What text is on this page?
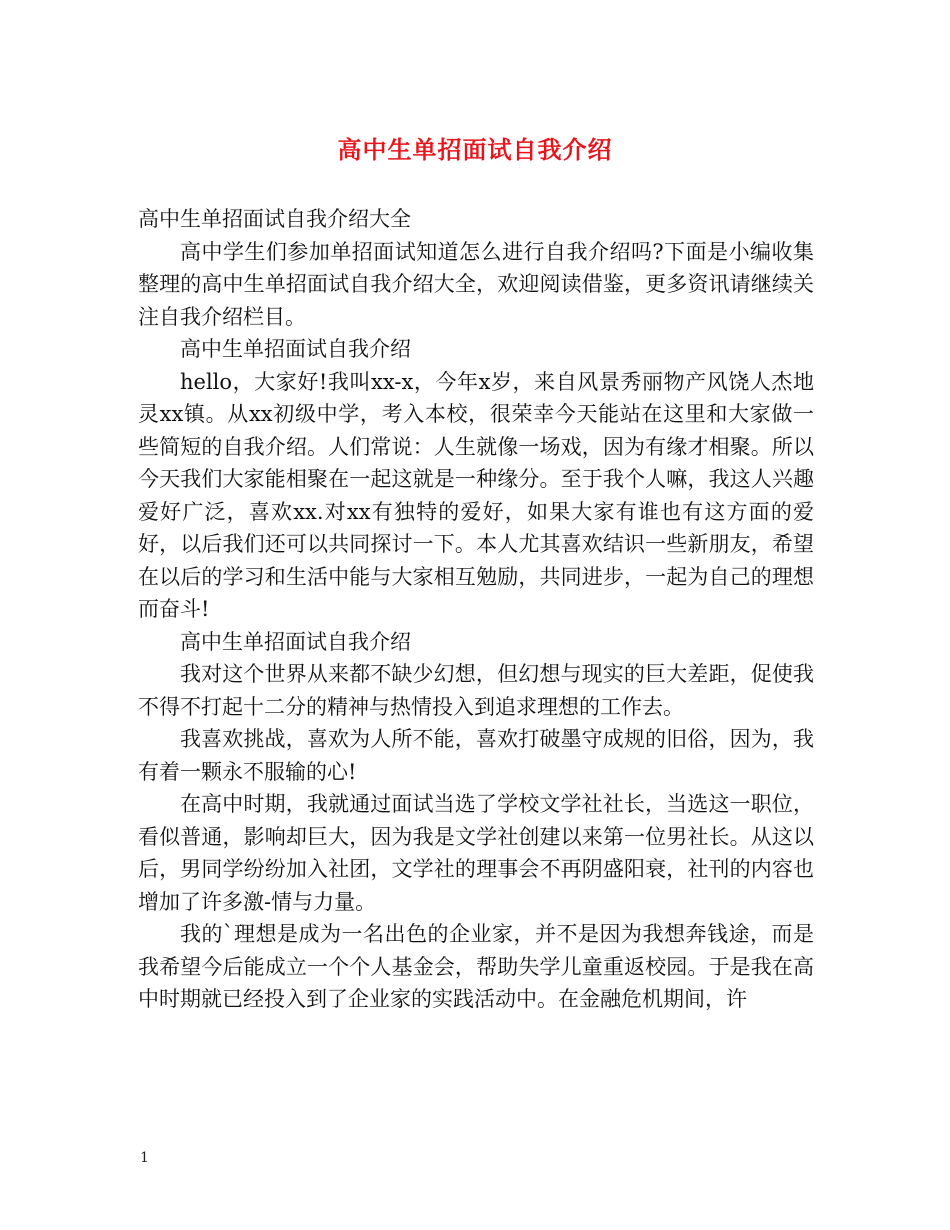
高中生单招面试自我介绍

高中生单招面试自我介绍大全

高中学生们参加单招面试知道怎么进行自我介绍吗?下面是小编收集整理的高中生单招面试自我介绍大全，欢迎阅读借鉴，更多资讯请继续关注自我介绍栏目。

高中生单招面试自我介绍

hello，大家好!我叫xx-x，今年x岁，来自风景秀丽物产风饶人杰地灵xx镇。从xx初级中学，考入本校，很荣幸今天能站在这里和大家做一些简短的自我介绍。人们常说：人生就像一场戏，因为有缘才相聚。所以今天我们大家能相聚在一起这就是一种缘分。至于我个人嘛，我这人兴趣爱好广泛，喜欢xx.对xx有独特的爱好，如果大家有谁也有这方面的爱好，以后我们还可以共同探讨一下。本人尤其喜欢结识一些新朋友，希望在以后的学习和生活中能与大家相互勉励，共同进步，一起为自己的理想而奋斗!

高中生单招面试自我介绍

我对这个世界从来都不缺少幻想，但幻想与现实的巨大差距，促使我不得不打起十二分的精神与热情投入到追求理想的工作去。

我喜欢挑战，喜欢为人所不能，喜欢打破墨守成规的旧俗，因为，我有着一颗永不服输的心!

在高中时期，我就通过面试当选了学校文学社社长，当选这一职位，看似普通，影响却巨大，因为我是文学社创建以来第一位男社长。从这以后，男同学纷纷加入社团，文学社的理事会不再阴盛阳衰，社刊的内容也增加了许多激-情与力量。

我的`理想是成为一名出色的企业家，并不是因为我想奔钱途，而是我希望今后能成立一个个人基金会，帮助失学儿童重返校园。于是我在高中时期就已经投入到了企业家的实践活动中。在金融危机期间，许

1
